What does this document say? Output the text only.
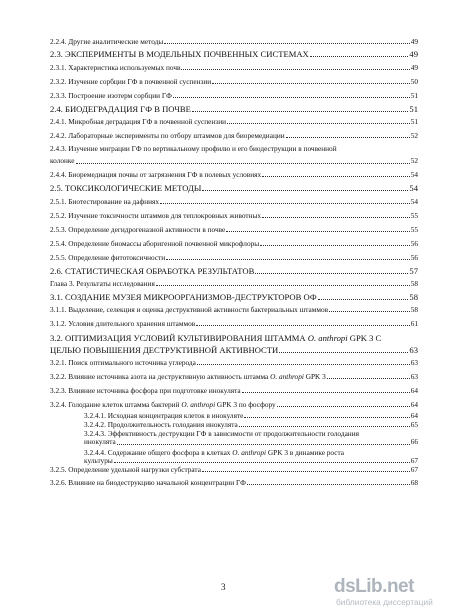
2.2.4. Другие аналитические методы	49
2.3. ЭКСПЕРИМЕНТЫ В МОДЕЛЬНЫХ ПОЧВЕННЫХ СИСТЕМАХ	49
2.3.1. Характеристика используемых почв	49
2.3.2. Изучение сорбции ГФ в почвенной суспензии	50
2.3.3. Построение изотерм сорбции ГФ	51
2.4. БИОДЕГРАДАЦИЯ ГФ В ПОЧВЕ	51
2.4.1. Микробная деградация ГФ в почвенной суспензии	51
2.4.2. Лабораторные эксперименты по отбору штаммов для биоремедиации	52
2.4.3. Изучение миграции ГФ по вертикальному профилю и его биодеструкции в почвенной
колонке	52
2.4.4. Биоремедиация почвы от загрязнения ГФ в полевых условиях	54
2.5. ТОКСИКОЛОГИЧЕСКИЕ МЕТОДЫ	54
2.5.1. Биотестирование на дафниях	54
2.5.2. Изучение токсичности штаммов для теплокровных животных	55
2.5.3. Определение дегидрогеназной активности в почве	55
2.5.4. Определение биомассы аборигенной почвенной микрофлоры	56
2.5.5. Определение фитотоксичности	56
2.6. СТАТИСТИЧЕСКАЯ ОБРАБОТКА РЕЗУЛЬТАТОВ	57
Глава 3. Результаты исследования	58
3.1. СОЗДАНИЕ МУЗЕЯ МИКРООРГАНИЗМОВ-ДЕСТРУКТОРОВ ОФ	58
3.1.1. Выделение, селекция и оценка деструктивной активности бактериальных штаммов	58
3.1.2. Условия длительного хранения штаммов	61
3.2. ОПТИМИЗАЦИЯ УСЛОВИЙ КУЛЬТИВИРОВАНИЯ ШТАММА O. anthropi GPK 3 С
ЦЕЛЬЮ ПОВЫШЕНИЯ ДЕСТРУКТИВНОЙ АКТИВНОСТИ	63
3.2.1. Поиск оптимального источника углерода	63
3.2.2. Влияние источника азота на деструктивную активность штамма O. anthropi GPK 3	63
3.2.3. Влияние источника фосфора при подготовке инокулята	64
3.2.4. Голодание клеток штамма бактерий O. anthropi GPK 3 по фосфору	64
3.2.4.1. Исходная концентрация клеток в инокуляте	64
3.2.4.2. Продолжительность голодания инокулята	65
3.2.4.3. Эффективность деструкции ГФ в зависимости от продолжительности голодания
инокулята	66
3.2.4.4. Содержание общего фосфора в клетках O. anthropi GPK 3 в динамике роста
культуры	67
3.2.5. Определение удельной нагрузки субстрата	67
3.2.6. Влияние на биодеструкцию начальной концентрации ГФ	68
3	dsLib.net
библиотека диссертаций
